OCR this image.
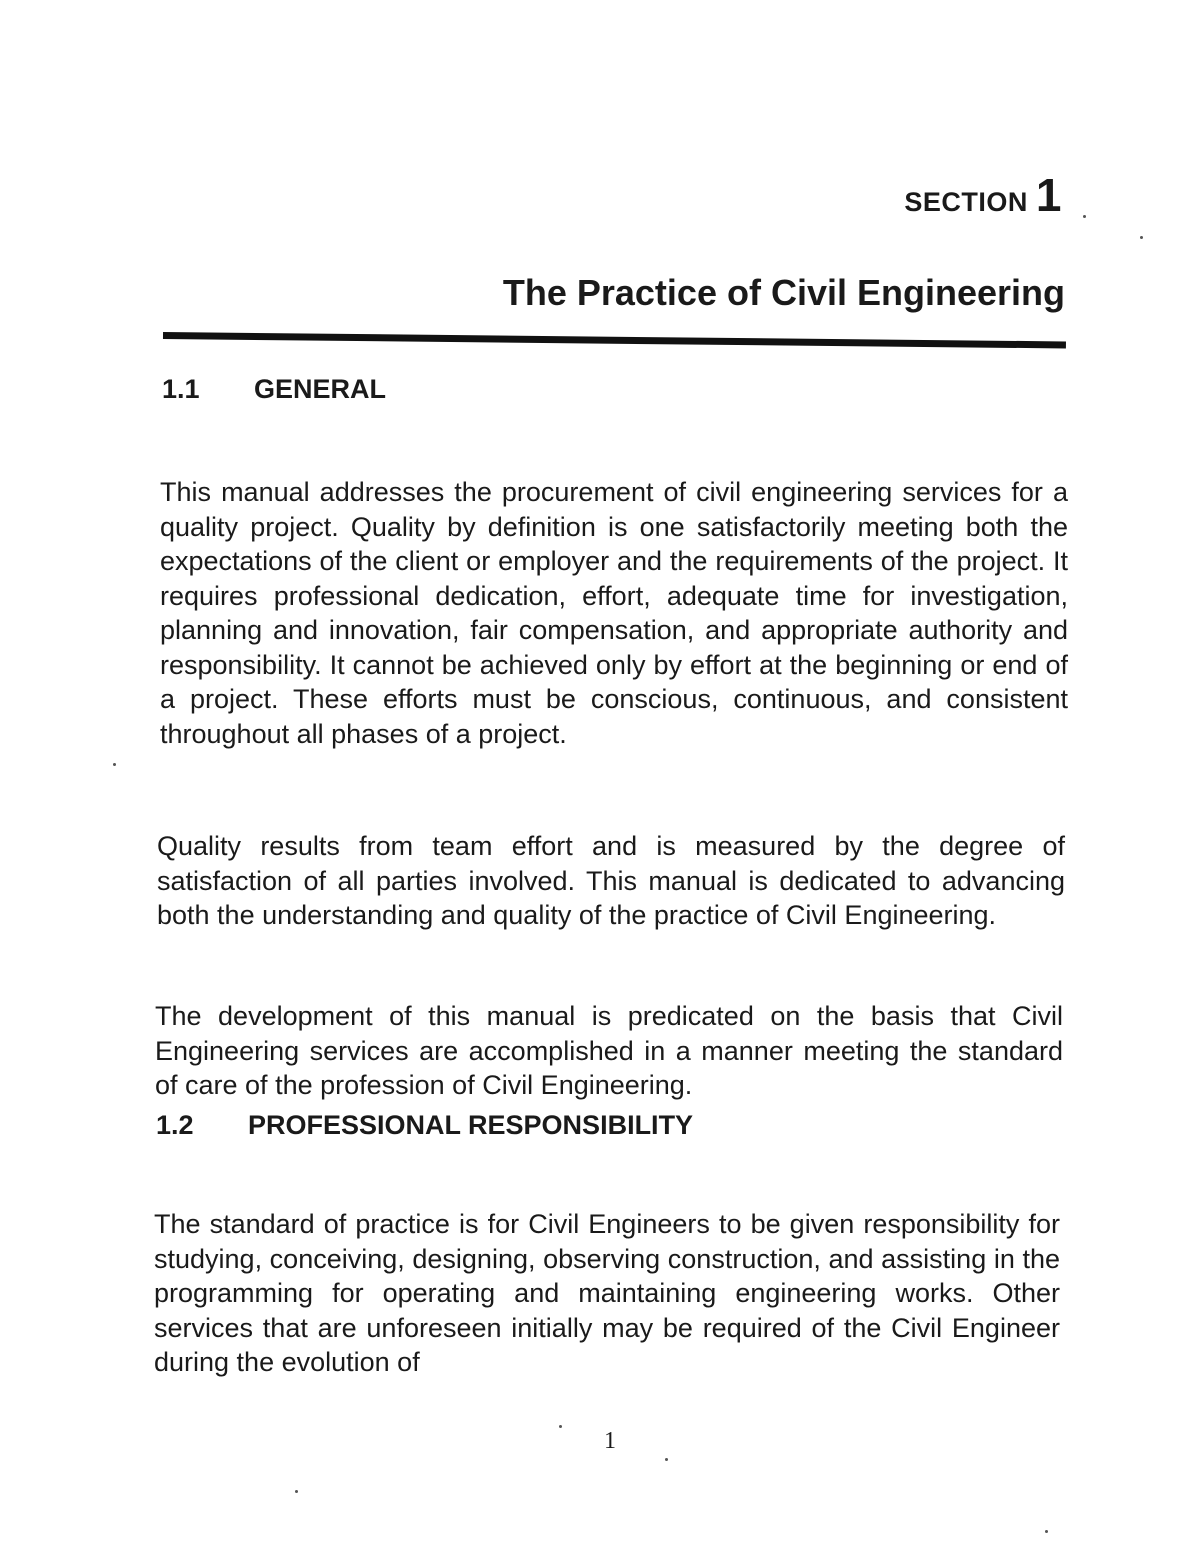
SECTION 1
The Practice of Civil Engineering
1.1	GENERAL

This manual addresses the procurement of civil engineering services for a quality project. Quality by definition is one satisfactorily meeting both the expectations of the client or employer and the requirements of the project. It requires professional dedication, effort, adequate time for investigation, planning and innovation, fair compensation, and appropriate authority and responsibility. It cannot be achieved only by effort at the beginning or end of a project. These efforts must be conscious, continuous, and consistent throughout all phases of a project.

Quality results from team effort and is measured by the degree of satisfaction of all parties involved. This manual is dedicated to advancing both the understanding and quality of the practice of Civil Engineering.

The development of this manual is predicated on the basis that Civil Engineering services are accomplished in a manner meeting the standard of care of the profession of Civil Engineering.

1.2	PROFESSIONAL RESPONSIBILITY

The standard of practice is for Civil Engineers to be given responsibility for studying, conceiving, designing, observing construction, and assisting in the programming for operating and maintaining engineering works. Other services that are unforeseen initially may be required of the Civil Engineer during the evolution of

1
